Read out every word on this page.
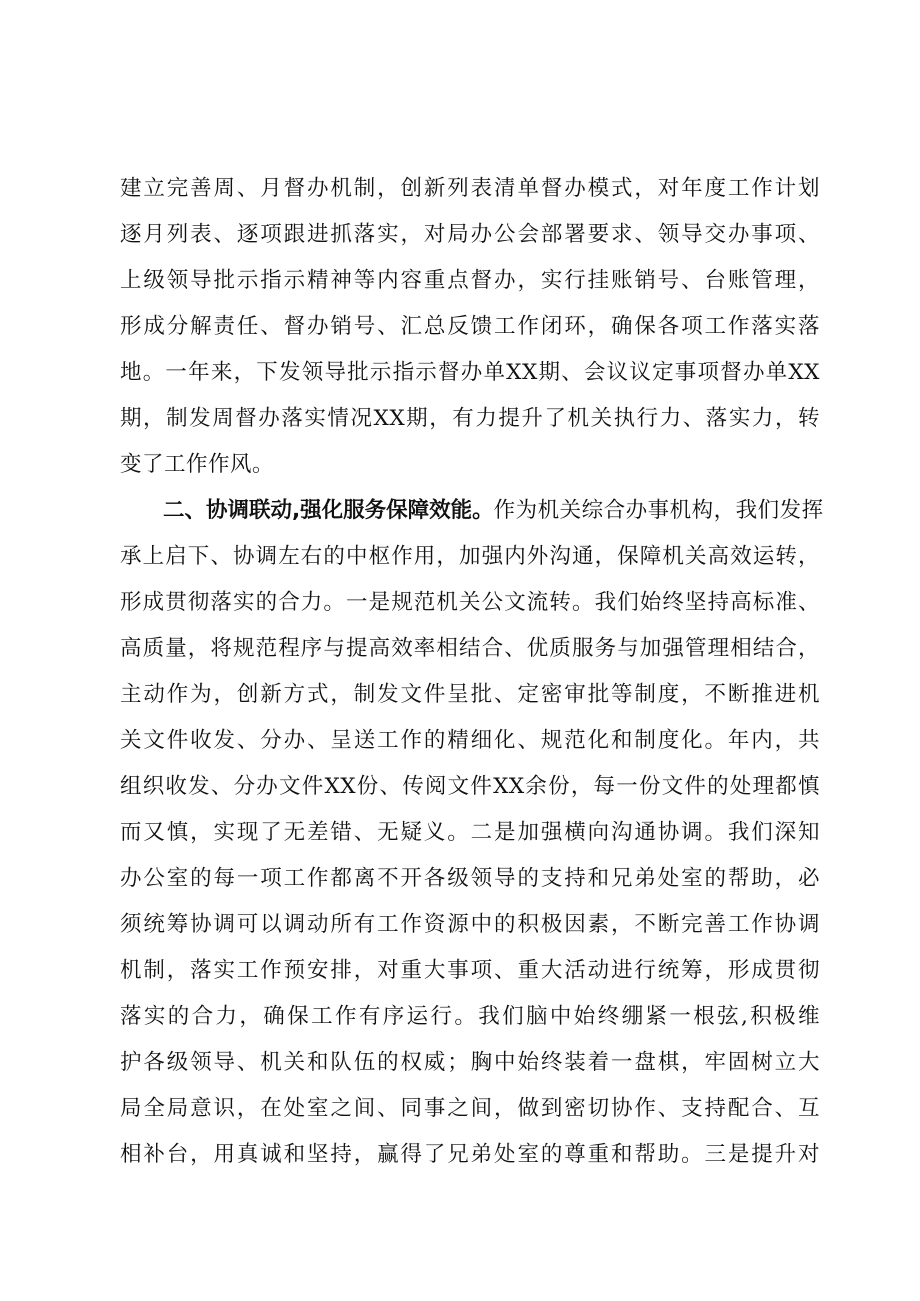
建立完善周、月督办机制，创新列表清单督办模式，对年度工作计划
逐月列表、逐项跟进抓落实，对局办公会部署要求、领导交办事项、
上级领导批示指示精神等内容重点督办，实行挂账销号、台账管理，
形成分解责任、督办销号、汇总反馈工作闭环，确保各项工作落实落
地。一年来，下发领导批示指示督办单XX期、会议议定事项督办单XX
期，制发周督办落实情况XX期，有力提升了机关执行力、落实力，转
变了工作作风。
二、协调联动,强化服务保障效能。作为机关综合办事机构，我们发挥
承上启下、协调左右的中枢作用，加强内外沟通，保障机关高效运转，
形成贯彻落实的合力。一是规范机关公文流转。我们始终坚持高标准、
高质量，将规范程序与提高效率相结合、优质服务与加强管理相结合，
主动作为，创新方式，制发文件呈批、定密审批等制度，不断推进机
关文件收发、分办、呈送工作的精细化、规范化和制度化。年内，共
组织收发、分办文件XX份、传阅文件XX余份，每一份文件的处理都慎
而又慎，实现了无差错、无疑义。二是加强横向沟通协调。我们深知
办公室的每一项工作都离不开各级领导的支持和兄弟处室的帮助，必
须统筹协调可以调动所有工作资源中的积极因素，不断完善工作协调
机制，落实工作预安排，对重大事项、重大活动进行统筹，形成贯彻
落实的合力，确保工作有序运行。我们脑中始终绷紧一根弦,积极维
护各级领导、机关和队伍的权威；胸中始终装着一盘棋，牢固树立大
局全局意识，在处室之间、同事之间，做到密切协作、支持配合、互
相补台，用真诚和坚持，赢得了兄弟处室的尊重和帮助。三是提升对
